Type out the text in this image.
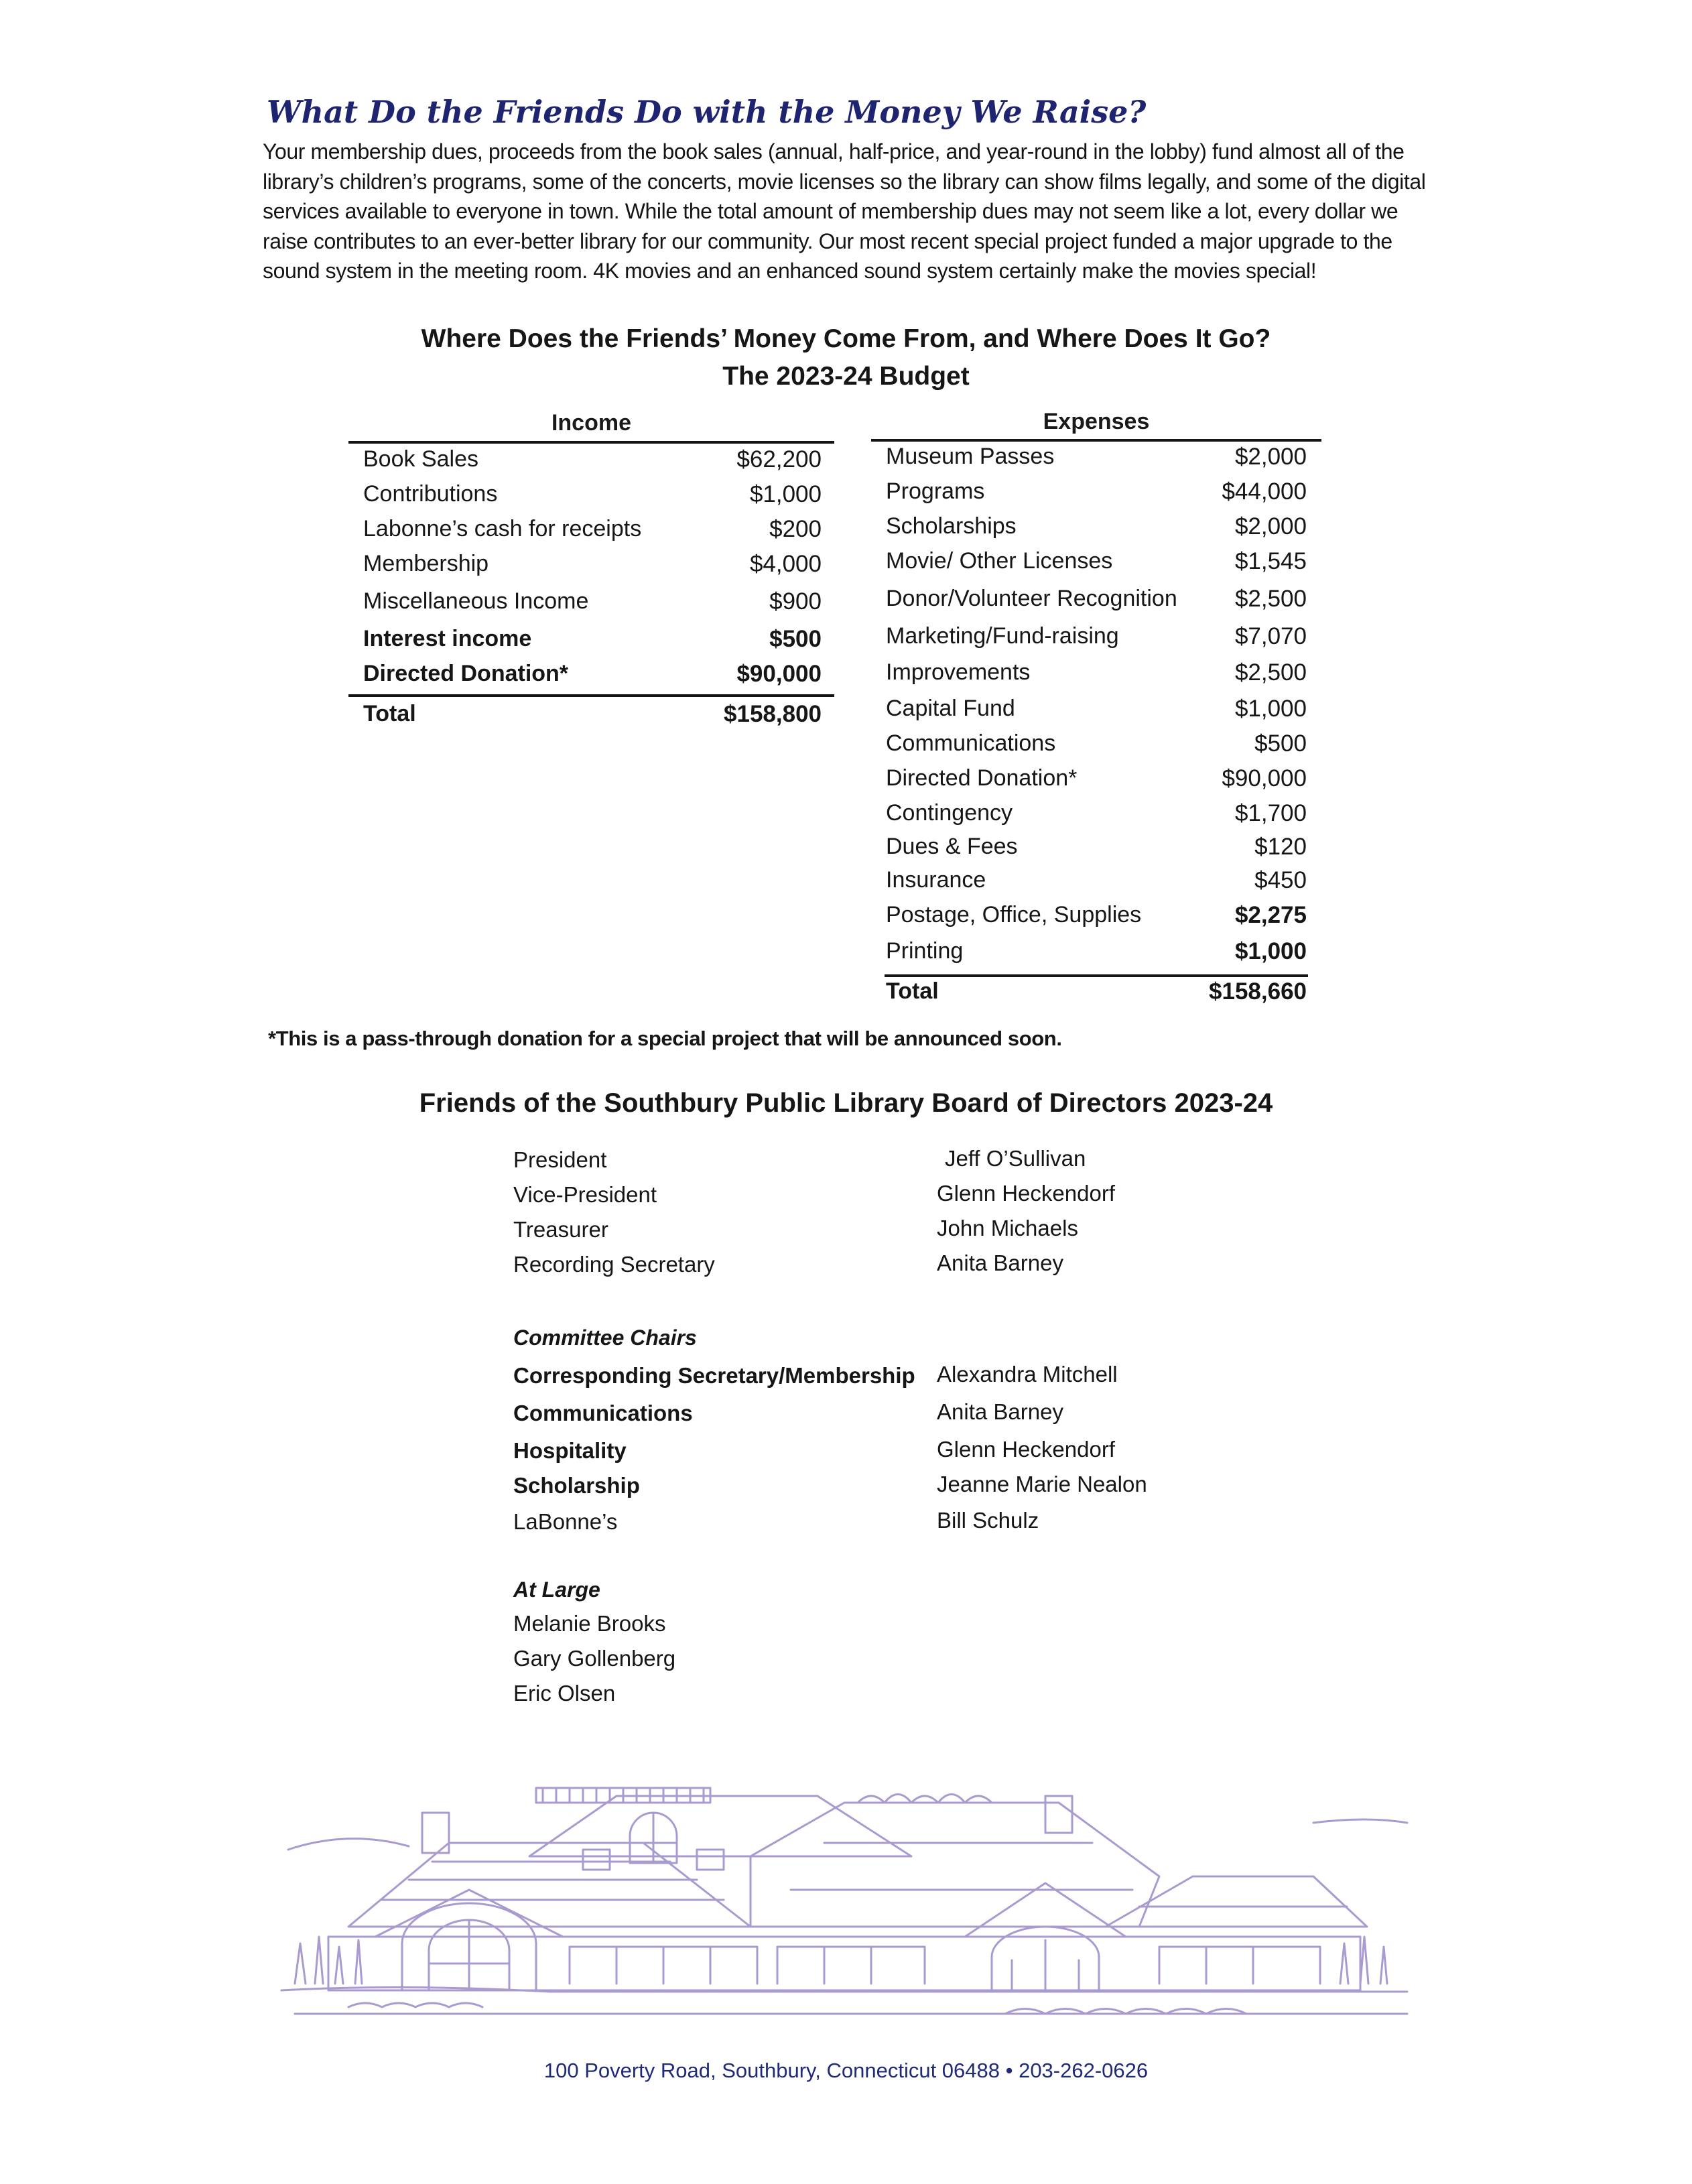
What Do the Friends Do with the Money We Raise?

Your membership dues, proceeds from the book sales (annual, half-price, and year-round in the lobby) fund almost all of the library’s children’s programs, some of the concerts, movie licenses so the library can show films legally, and some of the digital services available to everyone in town. While the total amount of membership dues may not seem like a lot, every dollar we raise contributes to an ever-better library for our community. Our most recent special project funded a major upgrade to the sound system in the meeting room. 4K movies and an enhanced sound system certainly make the movies special!

Where Does the Friends’ Money Come From, and Where Does It Go?
The 2023-24 Budget
Income
Book Sales	$62,200
Contributions	$1,000
Labonne’s cash for receipts	$200
Membership	$4,000
Miscellaneous Income	$900
Interest income	$500
Directed Donation*	$90,000
Total	$158,800
Expenses
Museum Passes	$2,000
Programs	$44,000
Scholarships	$2,000
Movie/ Other Licenses	$1,545
Donor/Volunteer Recognition $2,500
Marketing/Fund-raising	$7,070
Improvements	$2,500
Capital Fund	$1,000
Communications	$500
Directed Donation*	$90,000
Contingency	$1,700
Dues & Fees	$120
Insurance	$450
Postage, Office, Supplies	$2,275
Printing	$1,000
Total	$158,660

*This is a pass-through donation for a special project that will be announced soon.

Friends of the Southbury Public Library Board of Directors 2023-24
President	Jeff O’Sullivan
Vice-President	Glenn Heckendorf
Treasurer	John Michaels
Recording Secretary	Anita Barney
Committee Chairs
Corresponding Secretary/Membership Alexandra Mitchell
Communications	Anita Barney
Hospitality	Glenn Heckendorf
Scholarship	Jeanne Marie Nealon
LaBonne’s	Bill Schulz
At Large
Melanie Brooks
Gary Gollenberg
Eric Olsen

100 Poverty Road, Southbury, Connecticut 06488 • 203-262-0626
